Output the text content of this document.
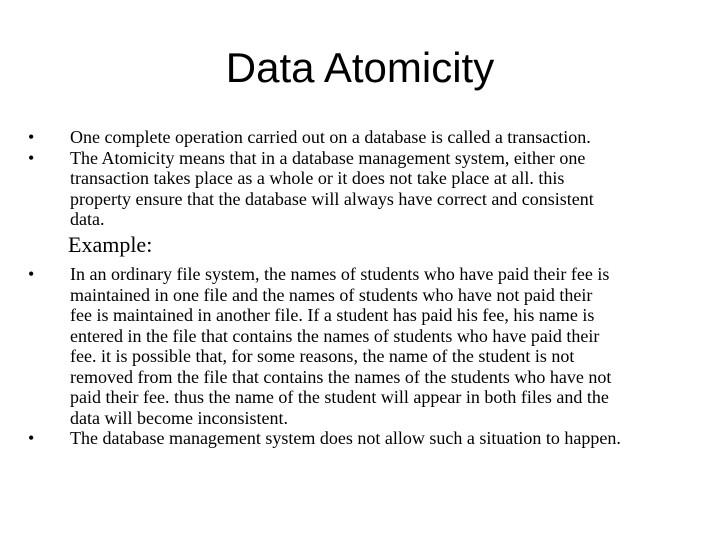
Data Atomicity
•	One complete operation carried out on a database is called a transaction.
•	The Atomicity means that in a database management system, either one
transaction takes place as a whole or it does not take place at all. this
property ensure that the database will always have correct and consistent
data.
Example:
•	In an ordinary file system, the names of students who have paid their fee is
maintained in one file and the names of students who have not paid their
fee is maintained in another file. If a student has paid his fee, his name is
entered in the file that contains the names of students who have paid their
fee. it is possible that, for some reasons, the name of the student is not
removed from the file that contains the names of the students who have not
paid their fee. thus the name of the student will appear in both files and the
data will become inconsistent.
•	The database management system does not allow such a situation to happen.
